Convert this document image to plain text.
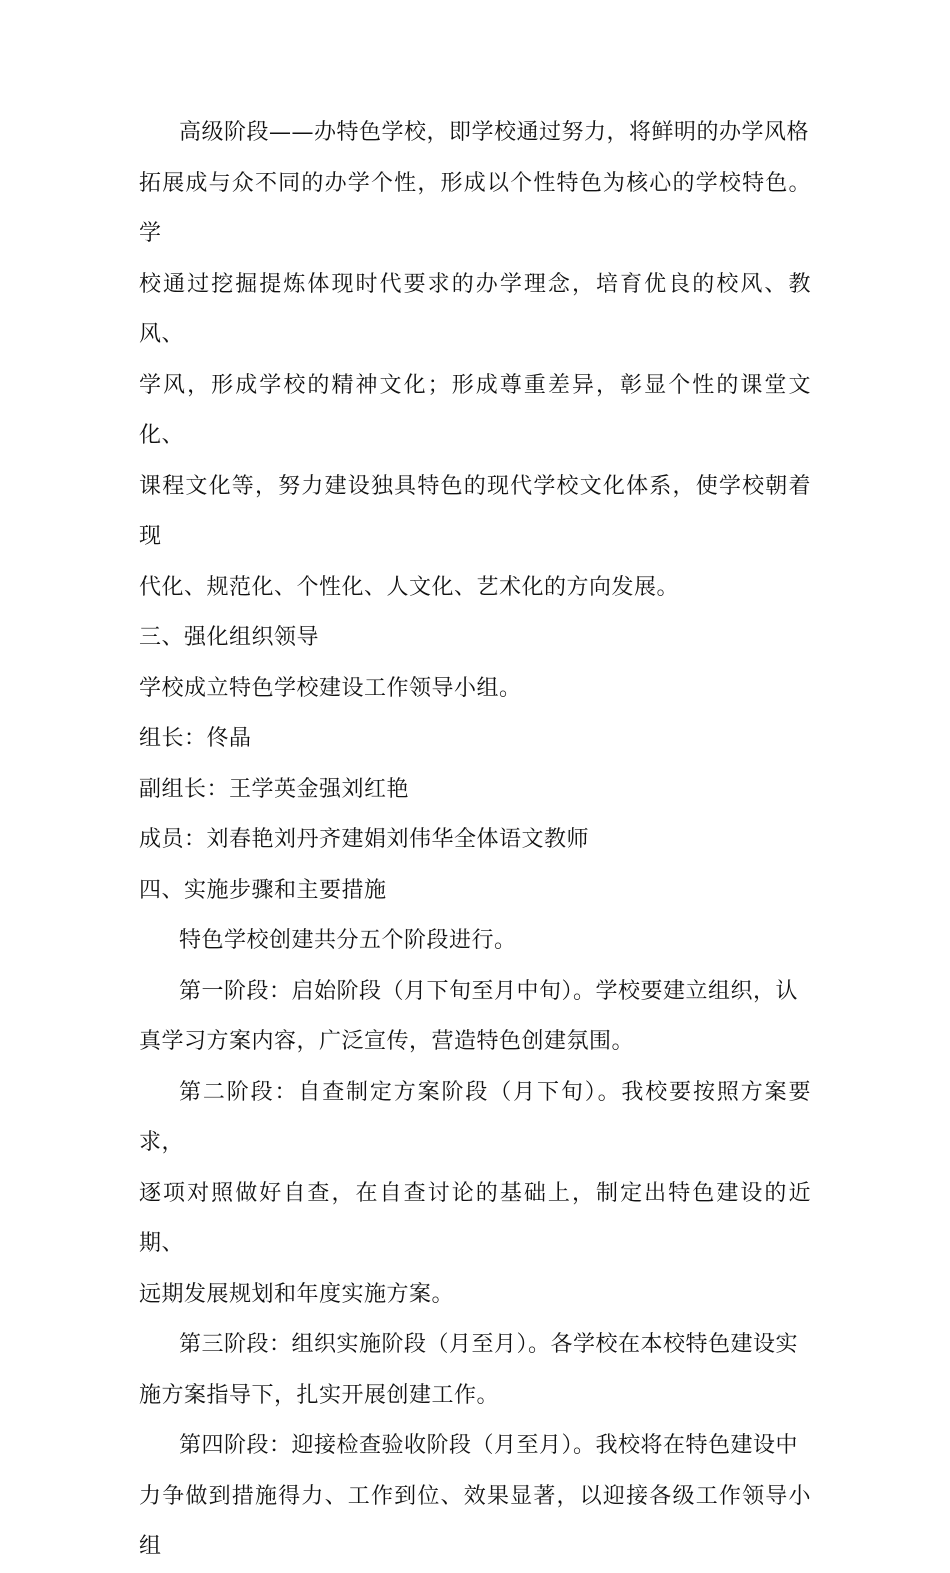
高级阶段——办特色学校，即学校通过努力，将鲜明的办学风格
拓展成与众不同的办学个性，形成以个性特色为核心的学校特色。学
校通过挖掘提炼体现时代要求的办学理念，培育优良的校风、教风、
学风，形成学校的精神文化；形成尊重差异，彰显个性的课堂文化、
课程文化等，努力建设独具特色的现代学校文化体系，使学校朝着现
代化、规范化、个性化、人文化、艺术化的方向发展。

三、强化组织领导

学校成立特色学校建设工作领导小组。

组长：佟晶

副组长：王学英金强刘红艳

成员：刘春艳刘丹齐建娟刘伟华全体语文教师

四、实施步骤和主要措施

特色学校创建共分五个阶段进行。

第一阶段：启始阶段（月下旬至月中旬）。学校要建立组织，认
真学习方案内容，广泛宣传，营造特色创建氛围。

第二阶段：自查制定方案阶段（月下旬）。我校要按照方案要求，
逐项对照做好自查，在自查讨论的基础上，制定出特色建设的近期、
远期发展规划和年度实施方案。

第三阶段：组织实施阶段（月至月）。各学校在本校特色建设实
施方案指导下，扎实开展创建工作。

第四阶段：迎接检查验收阶段（月至月）。我校将在特色建设中
力争做到措施得力、工作到位、效果显著，以迎接各级工作领导小组
